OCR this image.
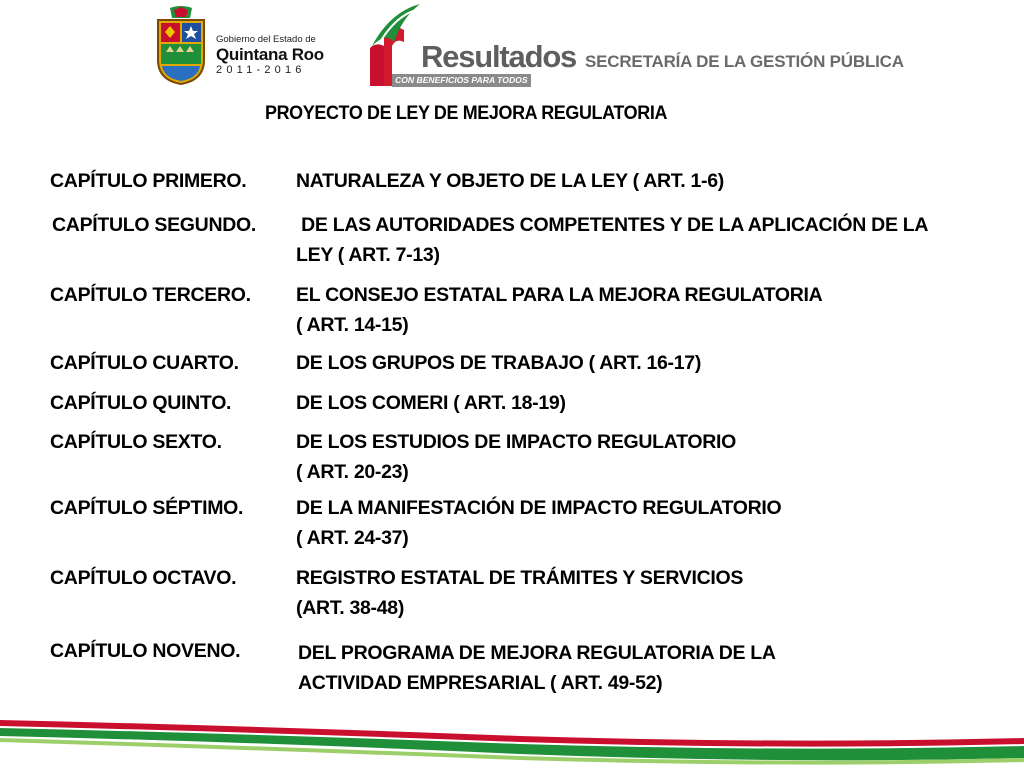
Gobierno del Estado de
Quintana Roo
2011-2016	Resultados
CON BENEFICIOS PARA TODOS
SECRETARÍA DE LA GESTIÓN PÚBLICA
PROYECTO DE LEY DE MEJORA REGULATORIA
CAPÍTULO PRIMERO.	NATURALEZA Y OBJETO DE LA LEY ( ART. 1-6)
CAPÍTULO SEGUNDO. DE LAS AUTORIDADES COMPETENTES Y DE LA APLICACIÓN DE LA
LEY ( ART. 7-13)
CAPÍTULO TERCERO. EL CONSEJO ESTATAL PARA LA MEJORA REGULATORIA
( ART. 14-15)
CAPÍTULO CUARTO.	DE LOS GRUPOS DE TRABAJO ( ART. 16-17)
CAPÍTULO QUINTO.	DE LOS COMERI ( ART. 18-19)
CAPÍTULO SEXTO.	DE LOS ESTUDIOS DE IMPACTO REGULATORIO
( ART. 20-23)
CAPÍTULO SÉPTIMO.	DE LA MANIFESTACIÓN DE IMPACTO REGULATORIO
( ART. 24-37)
CAPÍTULO OCTAVO.	REGISTRO ESTATAL DE TRÁMITES Y SERVICIOS
(ART. 38-48)
CAPÍTULO NOVENO.	DEL PROGRAMA DE MEJORA REGULATORIA DE LA
ACTIVIDAD EMPRESARIAL ( ART. 49-52)
